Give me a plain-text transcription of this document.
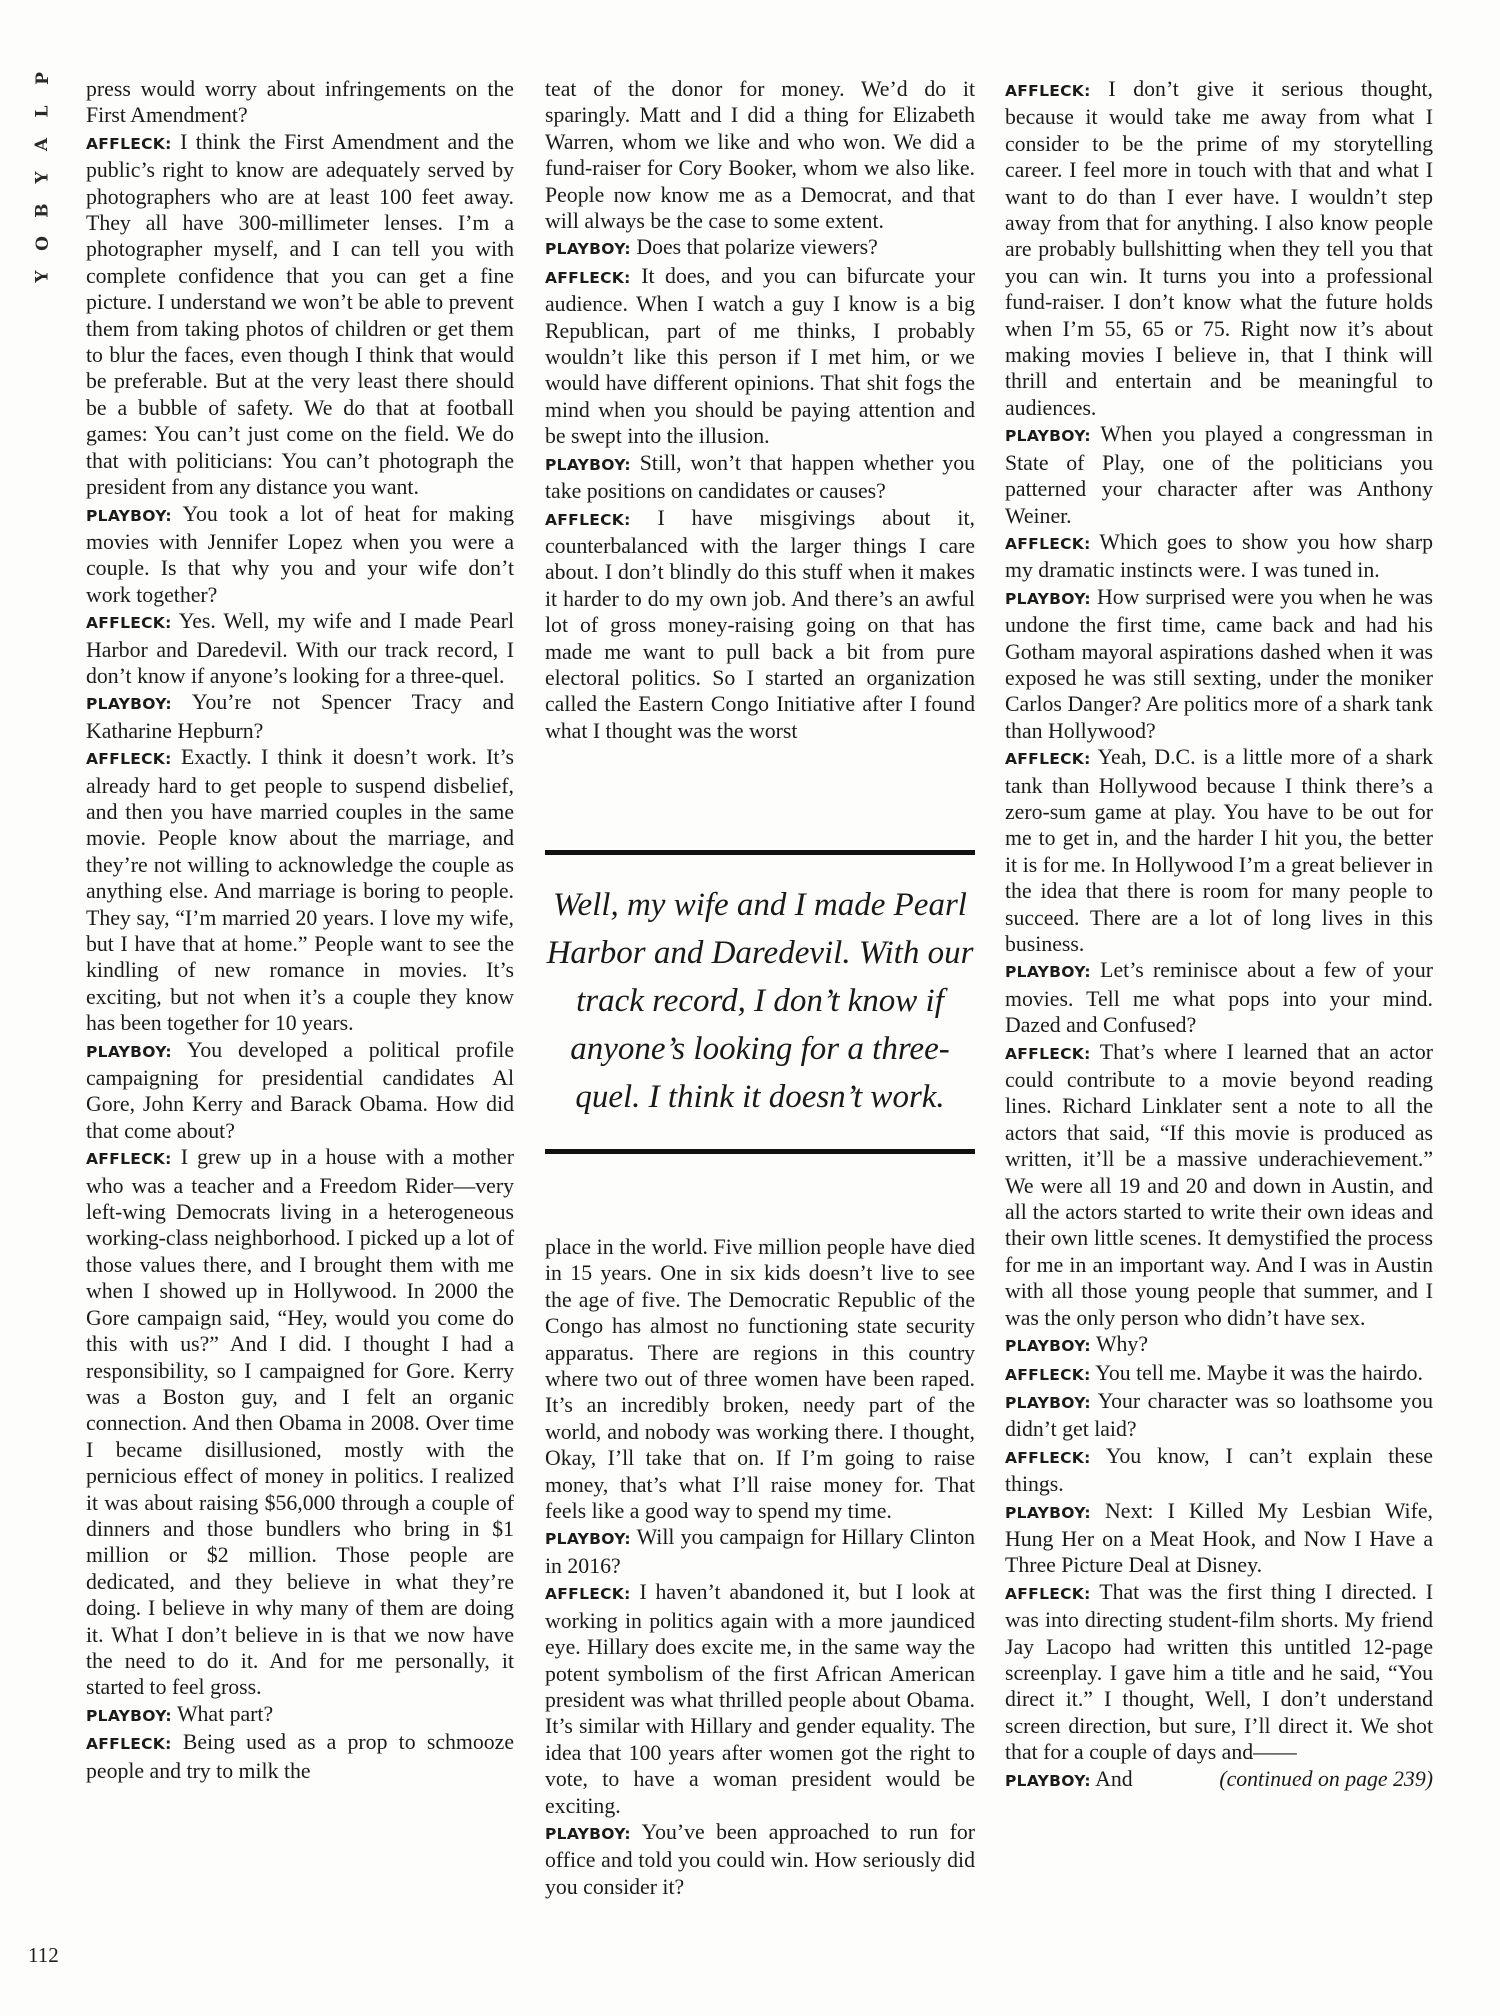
P
L
A
Y
B
O
Y
112

press would worry about infringements on the First Amendment?

AFFLECK: I think the First Amendment and the public’s right to know are adequately served by photographers who are at least 100 feet away. They all have 300-millimeter lenses. I’m a photographer myself, and I can tell you with complete confidence that you can get a fine picture. I understand we won’t be able to prevent them from taking photos of children or get them to blur the faces, even though I think that would be preferable. But at the very least there should be a bubble of safety. We do that at football games: You can’t just come on the field. We do that with politicians: You can’t photograph the president from any distance you want.

PLAYBOY: You took a lot of heat for making movies with Jennifer Lopez when you were a couple. Is that why you and your wife don’t work together?

AFFLECK: Yes. Well, my wife and I made Pearl Harbor and Daredevil. With our track record, I don’t know if anyone’s looking for a three-quel.

PLAYBOY: You’re not Spencer Tracy and Katharine Hepburn?

AFFLECK: Exactly. I think it doesn’t work. It’s already hard to get people to suspend disbelief, and then you have married couples in the same movie. People know about the marriage, and they’re not willing to acknowledge the couple as anything else. And marriage is boring to people. They say, “I’m married 20 years. I love my wife, but I have that at home.” People want to see the kindling of new romance in movies. It’s exciting, but not when it’s a couple they know has been together for 10 years.

PLAYBOY: You developed a political profile campaigning for presidential candidates Al Gore, John Kerry and Barack Obama. How did that come about?

AFFLECK: I grew up in a house with a mother who was a teacher and a Freedom Rider—very left-wing Democrats living in a heterogeneous working-class neighborhood. I picked up a lot of those values there, and I brought them with me when I showed up in Hollywood. In 2000 the Gore campaign said, “Hey, would you come do this with us?” And I did. I thought I had a responsibility, so I campaigned for Gore. Kerry was a Boston guy, and I felt an organic connection. And then Obama in 2008. Over time I became disillusioned, mostly with the pernicious effect of money in politics. I realized it was about raising $56,000 through a couple of dinners and those bundlers who bring in $1 million or $2 million. Those people are dedicated, and they believe in what they’re doing. I believe in why many of them are doing it. What I don’t believe in is that we now have the need to do it. And for me personally, it started to feel gross.

PLAYBOY: What part?

AFFLECK: Being used as a prop to schmooze people and try to milk the

teat of the donor for money. We’d do it sparingly. Matt and I did a thing for Elizabeth Warren, whom we like and who won. We did a fund-raiser for Cory Booker, whom we also like. People now know me as a Democrat, and that will always be the case to some extent.

PLAYBOY: Does that polarize viewers?

AFFLECK: It does, and you can bifurcate your audience. When I watch a guy I know is a big Republican, part of me thinks, I probably wouldn’t like this person if I met him, or we would have different opinions. That shit fogs the mind when you should be paying attention and be swept into the illusion.

PLAYBOY: Still, won’t that happen whether you take positions on candidates or causes?

AFFLECK: I have misgivings about it, counterbalanced with the larger things I care about. I don’t blindly do this stuff when it makes it harder to do my own job. And there’s an awful lot of gross money-raising going on that has made me want to pull back a bit from pure electoral politics. So I started an organization called the Eastern Congo Initiative after I found what I thought was the worst

Well, my wife and I made Pearl Harbor and Daredevil. With our track record, I don’t know if anyone’s looking for a three-quel. I think it doesn’t work.

place in the world. Five million people have died in 15 years. One in six kids doesn’t live to see the age of five. The Democratic Republic of the Congo has almost no functioning state security apparatus. There are regions in this country where two out of three women have been raped. It’s an incredibly broken, needy part of the world, and nobody was working there. I thought, Okay, I’ll take that on. If I’m going to raise money, that’s what I’ll raise money for. That feels like a good way to spend my time.

PLAYBOY: Will you campaign for Hillary Clinton in 2016?

AFFLECK: I haven’t abandoned it, but I look at working in politics again with a more jaundiced eye. Hillary does excite me, in the same way the potent symbolism of the first African American president was what thrilled people about Obama. It’s similar with Hillary and gender equality. The idea that 100 years after women got the right to vote, to have a woman president would be exciting.

PLAYBOY: You’ve been approached to run for office and told you could win. How seriously did you consider it?

AFFLECK: I don’t give it serious thought, because it would take me away from what I consider to be the prime of my storytelling career. I feel more in touch with that and what I want to do than I ever have. I wouldn’t step away from that for anything. I also know people are probably bullshitting when they tell you that you can win. It turns you into a professional fund-raiser. I don’t know what the future holds when I’m 55, 65 or 75. Right now it’s about making movies I believe in, that I think will thrill and entertain and be meaningful to audiences.

PLAYBOY: When you played a congressman in State of Play, one of the politicians you patterned your character after was Anthony Weiner.

AFFLECK: Which goes to show you how sharp my dramatic instincts were. I was tuned in.

PLAYBOY: How surprised were you when he was undone the first time, came back and had his Gotham mayoral aspirations dashed when it was exposed he was still sexting, under the moniker Carlos Danger? Are politics more of a shark tank than Hollywood?

AFFLECK: Yeah, D.C. is a little more of a shark tank than Hollywood because I think there’s a zero-sum game at play. You have to be out for me to get in, and the harder I hit you, the better it is for me. In Hollywood I’m a great believer in the idea that there is room for many people to succeed. There are a lot of long lives in this business.

PLAYBOY: Let’s reminisce about a few of your movies. Tell me what pops into your mind. Dazed and Confused?

AFFLECK: That’s where I learned that an actor could contribute to a movie beyond reading lines. Richard Linklater sent a note to all the actors that said, “If this movie is produced as written, it’ll be a massive underachievement.” We were all 19 and 20 and down in Austin, and all the actors started to write their own ideas and their own little scenes. It demystified the process for me in an important way. And I was in Austin with all those young people that summer, and I was the only person who didn’t have sex.

PLAYBOY: Why?

AFFLECK: You tell me. Maybe it was the hairdo.

PLAYBOY: Your character was so loathsome you didn’t get laid?

AFFLECK: You know, I can’t explain these things.

PLAYBOY: Next: I Killed My Lesbian Wife, Hung Her on a Meat Hook, and Now I Have a Three Picture Deal at Disney.

AFFLECK: That was the first thing I directed. I was into directing student-film shorts. My friend Jay Lacopo had written this untitled 12-page screenplay. I gave him a title and he said, “You direct it.” I thought, Well, I don’t understand screen direction, but sure, I’ll direct it. We shot that for a couple of days and——

PLAYBOY: And	(continued on page 239)
